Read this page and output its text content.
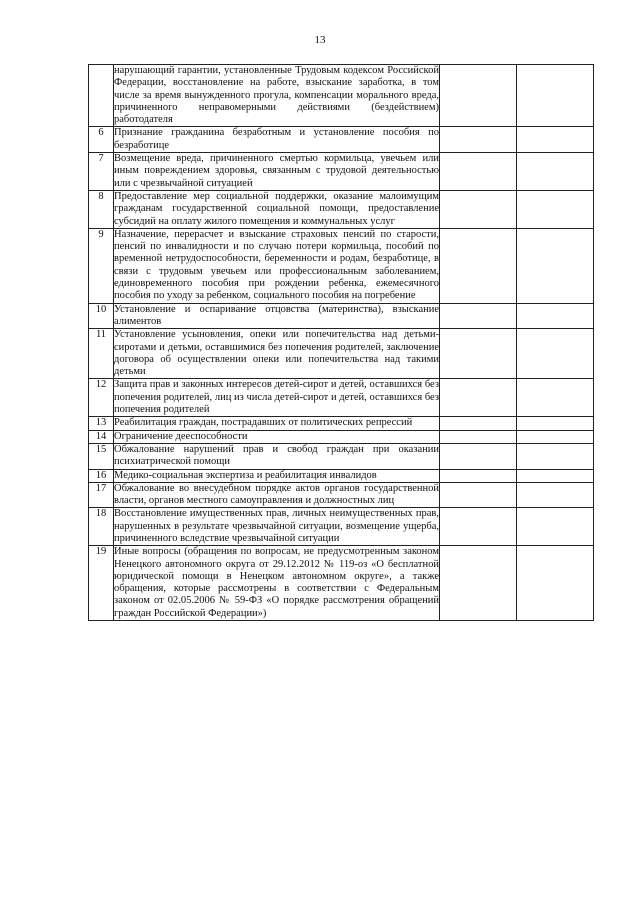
13
	нарушающий гарантии, установленные Трудовым кодексом Российской Федерации, восстановление на работе, взыскание заработка, в том числе за время вынужденного прогула, компенсации морального вреда, причиненного неправомерными действиями (бездействием) работодателя		
6	Признание гражданина безработным и установление пособия по безработице		
7	Возмещение вреда, причиненного смертью кормильца, увечьем или иным повреждением здоровья, связанным с трудовой деятельностью или с чрезвычайной ситуацией		
8	Предоставление мер социальной поддержки, оказание малоимущим гражданам государственной социальной помощи, предоставление субсидий на оплату жилого помещения и коммунальных услуг		
9	Назначение, перерасчет и взыскание страховых пенсий по старости, пенсий по инвалидности и по случаю потери кормильца, пособий по временной нетрудоспособности, беременности и родам, безработице, в связи с трудовым увечьем или профессиональным заболеванием, единовременного пособия при рождении ребенка, ежемесячного пособия по уходу за ребенком, социального пособия на погребение		
10	Установление и оспаривание отцовства (материнства), взыскание алиментов		
11	Установление усыновления, опеки или попечительства над детьми-сиротами и детьми, оставшимися без попечения родителей, заключение договора об осуществлении опеки или попечительства над такими детьми		
12	Защита прав и законных интересов детей-сирот и детей, оставшихся без попечения родителей, лиц из числа детей-сирот и детей, оставшихся без попечения родителей		
13	Реабилитация граждан, пострадавших от политических репрессий		
14	Ограничение дееспособности		
15	Обжалование нарушений прав и свобод граждан при оказании психиатрической помощи		
16	Медико-социальная экспертиза и реабилитация инвалидов		
17	Обжалование во внесудебном порядке актов органов государственной власти, органов местного самоуправления и должностных лиц		
18	Восстановление имущественных прав, личных неимущественных прав, нарушенных в результате чрезвычайной ситуации, возмещение ущерба, причиненного вследствие чрезвычайной ситуации		
19	Иные вопросы (обращения по вопросам, не предусмотренным законом Ненецкого автономного округа от 29.12.2012 № 119-оз «О бесплатной юридической помощи в Ненецком автономном округе», а также обращения, которые рассмотрены в соответствии с Федеральным законом от 02.05.2006 № 59-ФЗ «О порядке рассмотрения обращений граждан Российской Федерации»)		
